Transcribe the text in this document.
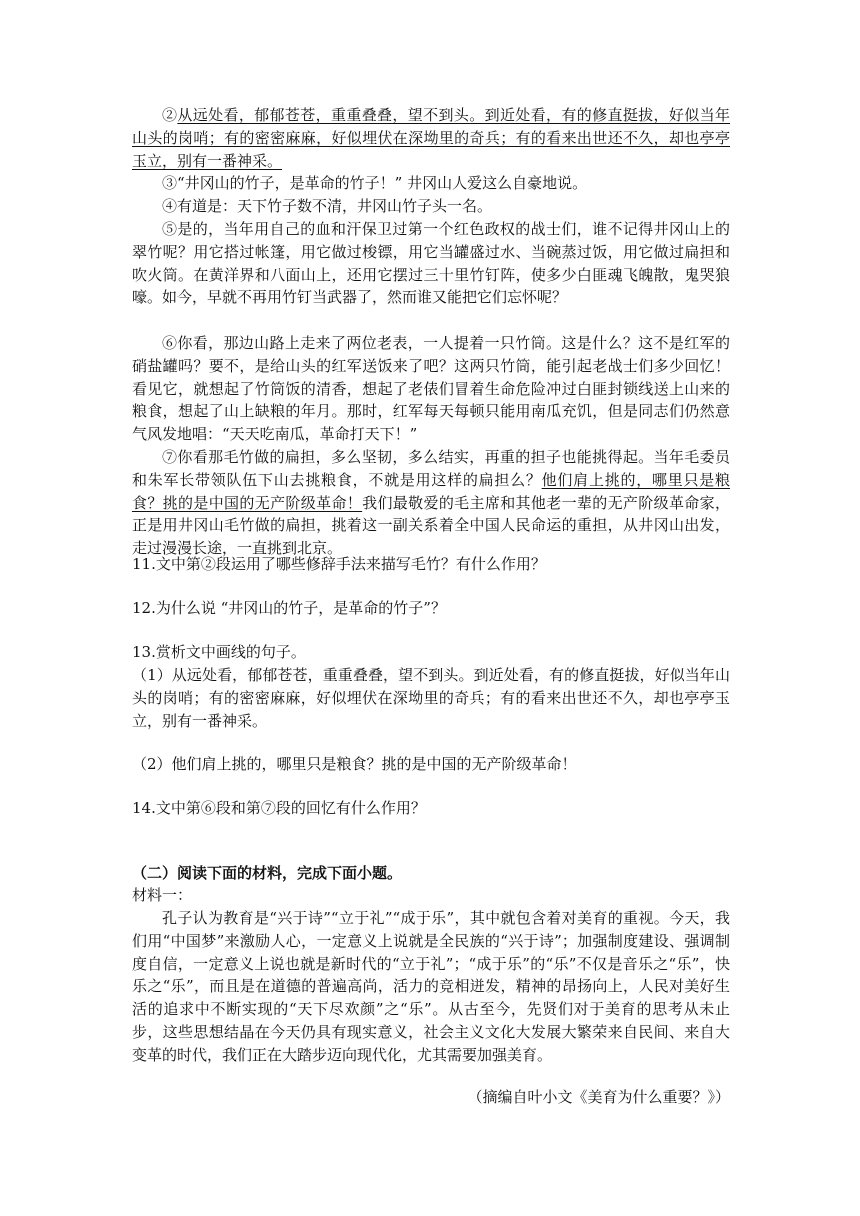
②从远处看，郁郁苍苍，重重叠叠，望不到头。到近处看，有的修直挺拔，好似当年山头的岗哨；有的密密麻麻，好似埋伏在深坳里的奇兵；有的看来出世还不久，却也亭亭玉立，别有一番神采。

③“井冈山的竹子，是革命的竹子！” 井冈山人爱这么自豪地说。

④有道是：天下竹子数不清，井冈山竹子头一名。

⑤是的，当年用自己的血和汗保卫过第一个红色政权的战士们，谁不记得井冈山上的翠竹呢？用它搭过帐篷，用它做过梭镖，用它当罐盛过水、当碗蒸过饭，用它做过扁担和吹火筒。在黄洋界和八面山上，还用它摆过三十里竹钉阵，使多少白匪魂飞魄散，鬼哭狼嚎。如今，早就不再用竹钉当武器了，然而谁又能把它们忘怀呢？

⑥你看，那边山路上走来了两位老表，一人提着一只竹筒。这是什么？这不是红军的硝盐罐吗？要不，是给山头的红军送饭来了吧？这两只竹筒，能引起老战士们多少回忆！看见它，就想起了竹筒饭的清香，想起了老俵们冒着生命危险冲过白匪封锁线送上山来的粮食，想起了山上缺粮的年月。那时，红军每天每顿只能用南瓜充饥，但是同志们仍然意气风发地唱：“天天吃南瓜，革命打天下！”

⑦你看那毛竹做的扁担，多么坚韧，多么结实，再重的担子也能挑得起。当年毛委员和朱军长带领队伍下山去挑粮食，不就是用这样的扁担么？他们肩上挑的，哪里只是粮食？挑的是中国的无产阶级革命！我们最敬爱的毛主席和其他老一辈的无产阶级革命家，正是用井冈山毛竹做的扁担，挑着这一副关系着全中国人民命运的重担，从井冈山出发，走过漫漫长途，一直挑到北京。

11.文中第②段运用了哪些修辞手法来描写毛竹？有什么作用？

12.为什么说 “井冈山的竹子，是革命的竹子”？

13.赏析文中画线的句子。

（1）从远处看，郁郁苍苍，重重叠叠，望不到头。到近处看，有的修直挺拔，好似当年山头的岗哨；有的密密麻麻，好似埋伏在深坳里的奇兵；有的看来出世还不久，却也亭亭玉立，别有一番神采。

（2）他们肩上挑的，哪里只是粮食？挑的是中国的无产阶级革命！

14.文中第⑥段和第⑦段的回忆有什么作用？

（二）阅读下面的材料，完成下面小题。

材料一：

孔子认为教育是“兴于诗”“立于礼”“成于乐”，其中就包含着对美育的重视。今天，我们用“中国梦”来激励人心，一定意义上说就是全民族的“兴于诗”；加强制度建设、强调制度自信，一定意义上说也就是新时代的“立于礼”；“成于乐”的“乐”不仅是音乐之“乐”，快乐之“乐”，而且是在道德的普遍高尚，活力的竞相迸发，精神的昂扬向上，人民对美好生活的追求中不断实现的“天下尽欢颜”之“乐”。从古至今，先贤们对于美育的思考从未止步，这些思想结晶在今天仍具有现实意义，社会主义文化大发展大繁荣来自民间、来自大变革的时代，我们正在大踏步迈向现代化，尤其需要加强美育。

（摘编自叶小文《美育为什么重要？》）
